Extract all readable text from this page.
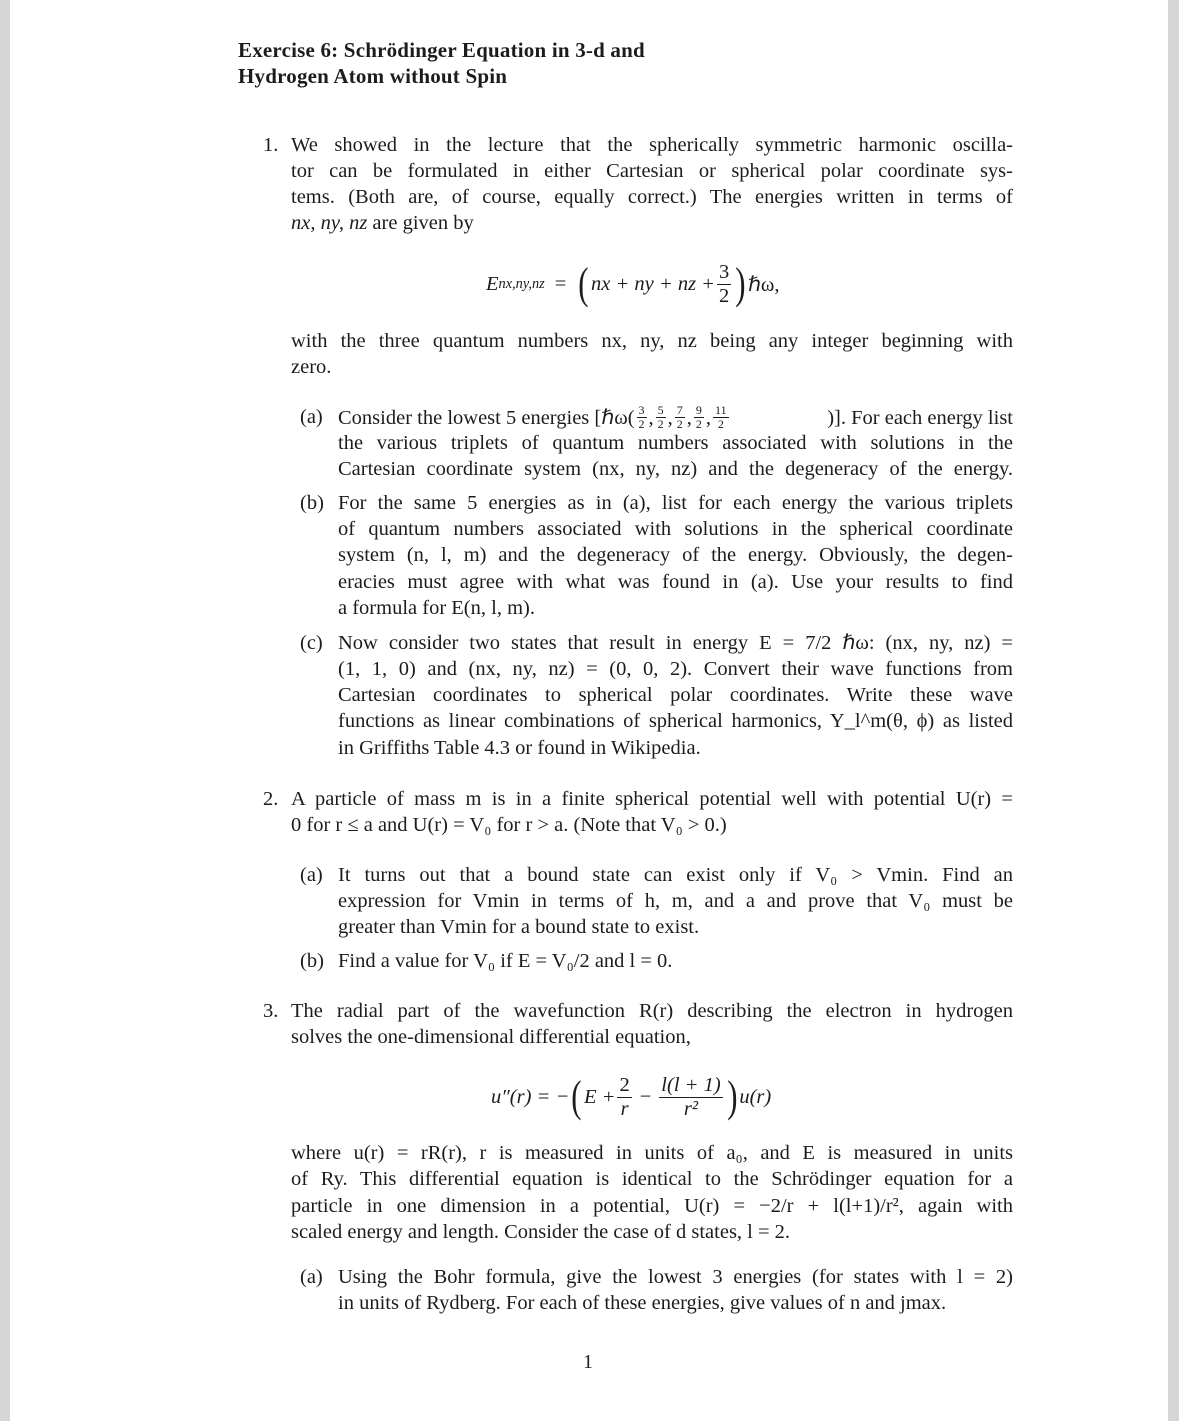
Exercise 6: Schrödinger Equation in 3-d and
Hydrogen Atom without Spin
1. We showed in the lecture that the spherically symmetric harmonic oscilla-
tor can be formulated in either Cartesian or spherical polar coordinate sys-
tems. (Both are, of course, equally correct.) The energies written in terms of
nx, ny, nz are given by
E nx,ny,nz = ( nx + ny + nz + $\frac{3}{2}$ ) ℏω,
with the three quantum numbers nx, ny, nz being any integer beginning with
zero.
(a) Consider the lowest 5 energies [ℏω( $\frac{3}{2}$ , $\frac{5}{2}$ , $\frac{7}{2}$ , $\frac{9}{2}$ , $\frac{11}{2}$	)]. For each energy list
the various triplets of quantum numbers associated with solutions in the
Cartesian coordinate system (nx, ny, nz) and the degeneracy of the energy.
(b) For the same 5 energies as in (a), list for each energy the various triplets
of quantum numbers associated with solutions in the spherical coordinate
system (n, l, m) and the degeneracy of the energy. Obviously, the degen-
eracies must agree with what was found in (a). Use your results to find
a formula for E(n, l, m).
(c) Now consider two states that result in energy E = 7/2 ℏω: (nx, ny, nz) =
(1, 1, 0) and (nx, ny, nz) = (0, 0, 2). Convert their wave functions from
Cartesian coordinates to spherical polar coordinates. Write these wave
functions as linear combinations of spherical harmonics, Y_l^m(θ, ϕ) as listed
in Griffiths Table 4.3 or found in Wikipedia.
2. A particle of mass m is in a finite spherical potential well with potential U(r) =
0 for r ≤ a and U(r) = V₀ for r > a. (Note that V₀ > 0.)
(a) It turns out that a bound state can exist only if V₀ > Vmin. Find an
expression for Vmin in terms of h, m, and a and prove that V₀ must be
greater than Vmin for a bound state to exist.
(b) Find a value for V₀ if E = V₀/2 and l = 0.
3. The radial part of the wavefunction R(r) describing the electron in hydrogen
solves the one-dimensional differential equation,
u″(r) = − ( $E + \frac{2}{r} - \frac{l(l + 1)}{\text{r²}}$ ) u(r)
where u(r) = rR(r), r is measured in units of a₀, and E is measured in units
of Ry. This differential equation is identical to the Schrödinger equation for a
particle in one dimension in a potential, U(r) = −2/r + l(l+1)/r², again with
scaled energy and length. Consider the case of d states, l = 2.
(a) Using the Bohr formula, give the lowest 3 energies (for states with l = 2)
in units of Rydberg. For each of these energies, give values of n and jmax.
1
